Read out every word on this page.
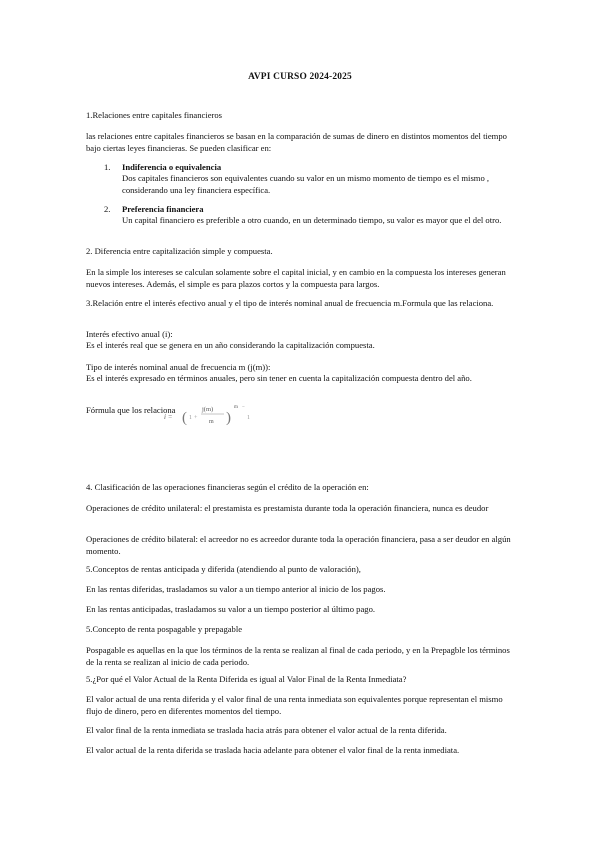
AVPI CURSO 2024-2025

1.Relaciones entre capitales financieros

las relaciones entre capitales financieros se basan en la comparación de sumas de dinero en distintos momentos del tiempo bajo ciertas leyes financieras. Se pueden clasificar en:

1. Indiferencia o equivalencia
Dos capitales financieros son equivalentes cuando su valor en un mismo momento de tiempo es el mismo , considerando una ley financiera específica.
2. Preferencia financiera
Un capital financiero es preferible a otro cuando, en un determinado tiempo, su valor es mayor que el del otro.

2. Diferencia entre capitalización simple y compuesta.

En la simple los intereses se calculan solamente sobre el capital inicial, y en cambio en la compuesta los intereses generan nuevos intereses. Además, el simple es para plazos cortos y la compuesta para largos.

3.Relación entre el interés efectivo anual y el tipo de interés nominal anual de frecuencia m.Formula que las relaciona.

Interés efectivo anual (i):

Es el interés real que se genera en un año considerando la capitalización compuesta.

Tipo de interés nominal anual de frecuencia m (j(m)):

Es el interés expresado en términos anuales, pero sin tener en cuenta la capitalización compuesta dentro del año.

Fórmula que los relaciona

i = ( 1 +
j(m)
m )
m −
1

4. Clasificación de las operaciones financieras según el crédito de la operación en:

Operaciones de crédito unilateral: el prestamista es prestamista durante toda la operación financiera, nunca es deudor

Operaciones de crédito bilateral: el acreedor no es acreedor durante toda la operación financiera, pasa a ser deudor en algún momento.

5.Conceptos de rentas anticipada y diferida (atendiendo al punto de valoración),

En las rentas diferidas, trasladamos su valor a un tiempo anterior al inicio de los pagos.

En las rentas anticipadas, trasladamos su valor a un tiempo posterior al último pago.

5.Concepto de renta pospagable y prepagable

Pospagable es aquellas en la que los términos de la renta se realizan al final de cada periodo, y en la Prepagble los términos de la renta se realizan al inicio de cada periodo.

5.¿Por qué el Valor Actual de la Renta Diferida es igual al Valor Final de la Renta Inmediata?

El valor actual de una renta diferida y el valor final de una renta inmediata son equivalentes porque representan el mismo flujo de dinero, pero en diferentes momentos del tiempo.

El valor final de la renta inmediata se traslada hacia atrás para obtener el valor actual de la renta diferida.

El valor actual de la renta diferida se traslada hacia adelante para obtener el valor final de la renta inmediata.
